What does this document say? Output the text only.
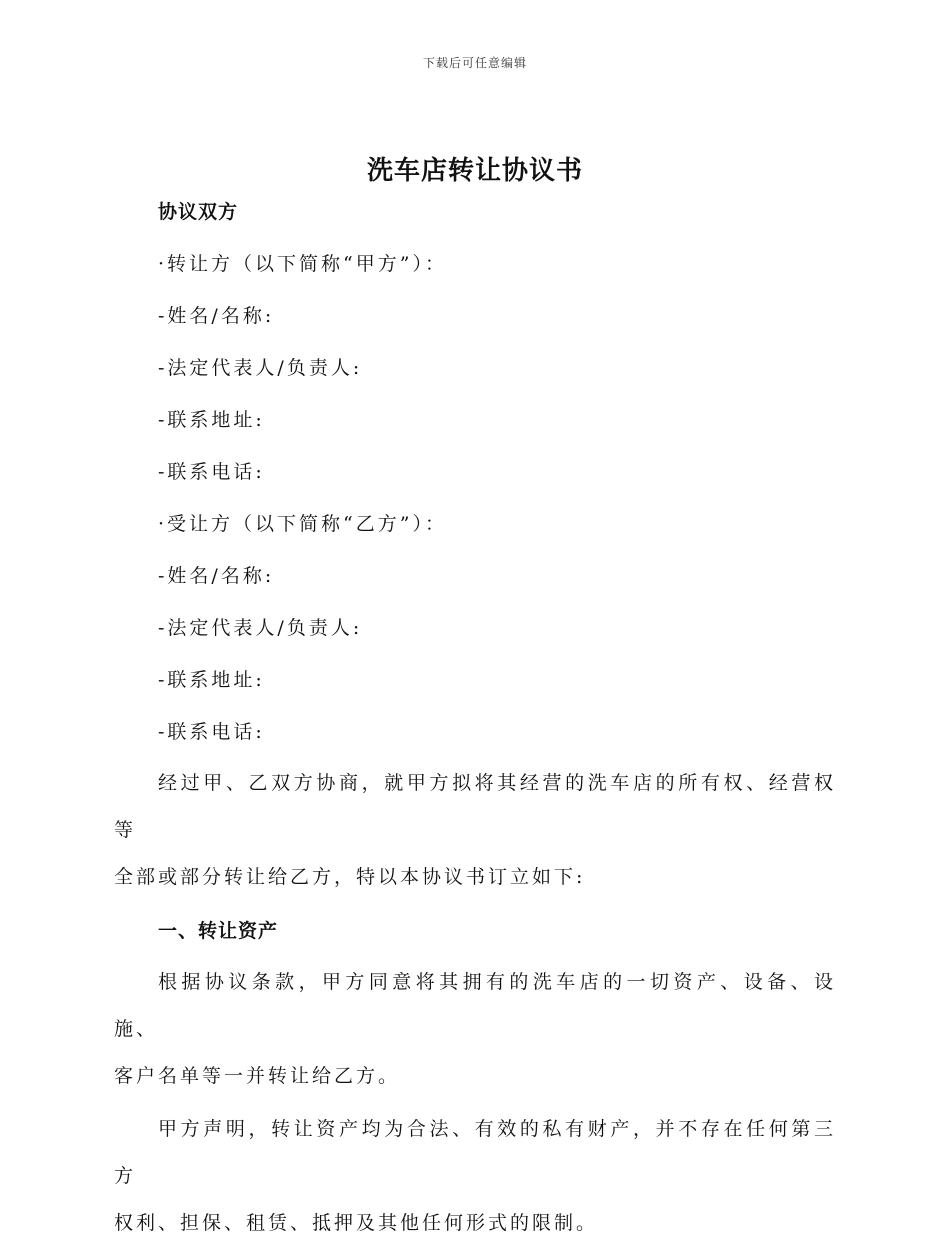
下载后可任意编辑
洗车店转让协议书
协议双方
·转让方（以下简称“甲方”）：
-姓名/名称:
-法定代表人/负责人:
-联系地址:
-联系电话:
·受让方（以下简称“乙方”）：
-姓名/名称:
-法定代表人/负责人:
-联系地址:
-联系电话:
经过甲、乙双方协商，就甲方拟将其经营的洗车店的所有权、经营权等
全部或部分转让给乙方，特以本协议书订立如下:
一、转让资产
根据协议条款，甲方同意将其拥有的洗车店的一切资产、设备、设施、
客户名单等一并转让给乙方。
甲方声明，转让资产均为合法、有效的私有财产，并不存在任何第三方
权利、担保、租赁、抵押及其他任何形式的限制。
